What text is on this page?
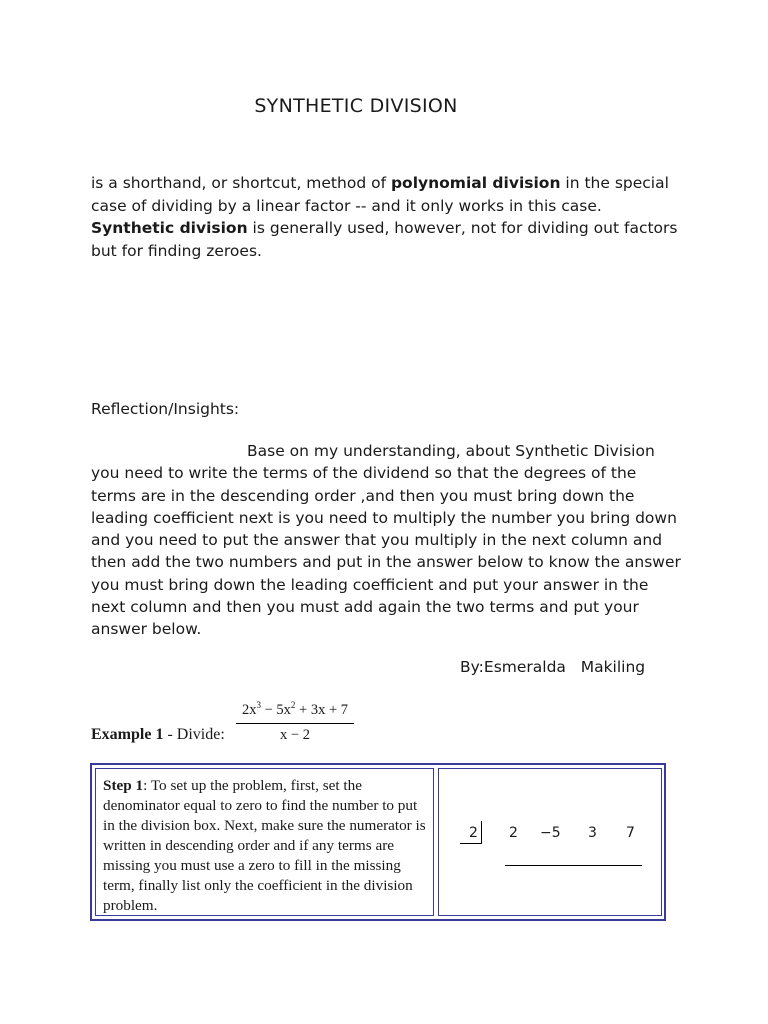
SYNTHETIC DIVISION
is a shorthand, or shortcut, method of polynomial division in the special case of dividing by a linear factor -- and it only works in this case. Synthetic division is generally used, however, not for dividing out factors but for finding zeroes.
Reflection/Insights:
Base on my understanding, about Synthetic Division you need to write the terms of the dividend so that the degrees of the terms are in the descending order ,and then you must bring down the leading coefficient next is you need to multiply the number you bring down and you need to put the answer that you multiply in the next column and then add the two numbers and put in the answer below to know the answer you must bring down the leading coefficient and put your answer in the next column and then you must add again the two terms and put your answer below.
By:Esmeralda   Makiling
Example 1 - Divide:
$2x^3 - 5x^2 + 3x + 7$
x − 2
Step 1: To set up the problem, first, set the denominator equal to zero to find the number to put in the division box. Next, make sure the numerator is written in descending order and if any terms are missing you must use a zero to fill in the missing term, finally list only the coefficient in the division problem.
2 2 −5 3 7
